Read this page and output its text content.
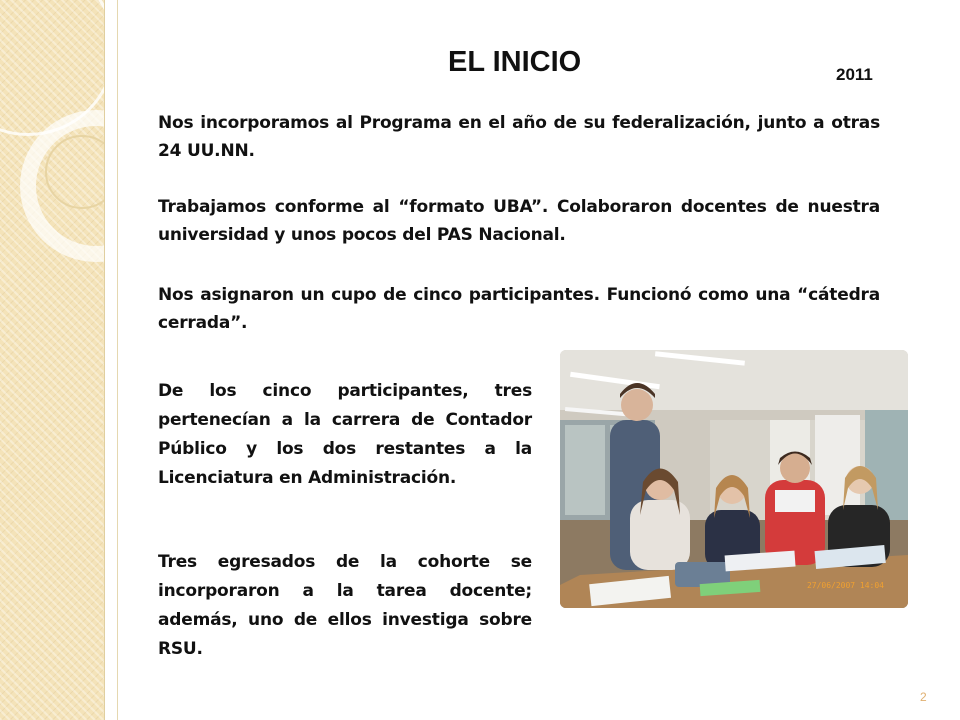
EL INICIO	2011

Nos incorporamos al Programa en el año de su federalización, junto a otras 24 UU.NN.

Trabajamos conforme al “formato UBA”. Colaboraron docentes de nuestra universidad y unos pocos del PAS Nacional.

Nos asignaron un cupo de cinco participantes. Funcionó como una “cátedra cerrada”.

De los cinco participantes, tres pertenecían a la carrera de Contador Público y los dos restantes a la Licenciatura en Administración.

Tres egresados de la cohorte se incorporaron a la tarea docente; además, uno de ellos investiga sobre RSU.

27/06/2007 14:04

2
